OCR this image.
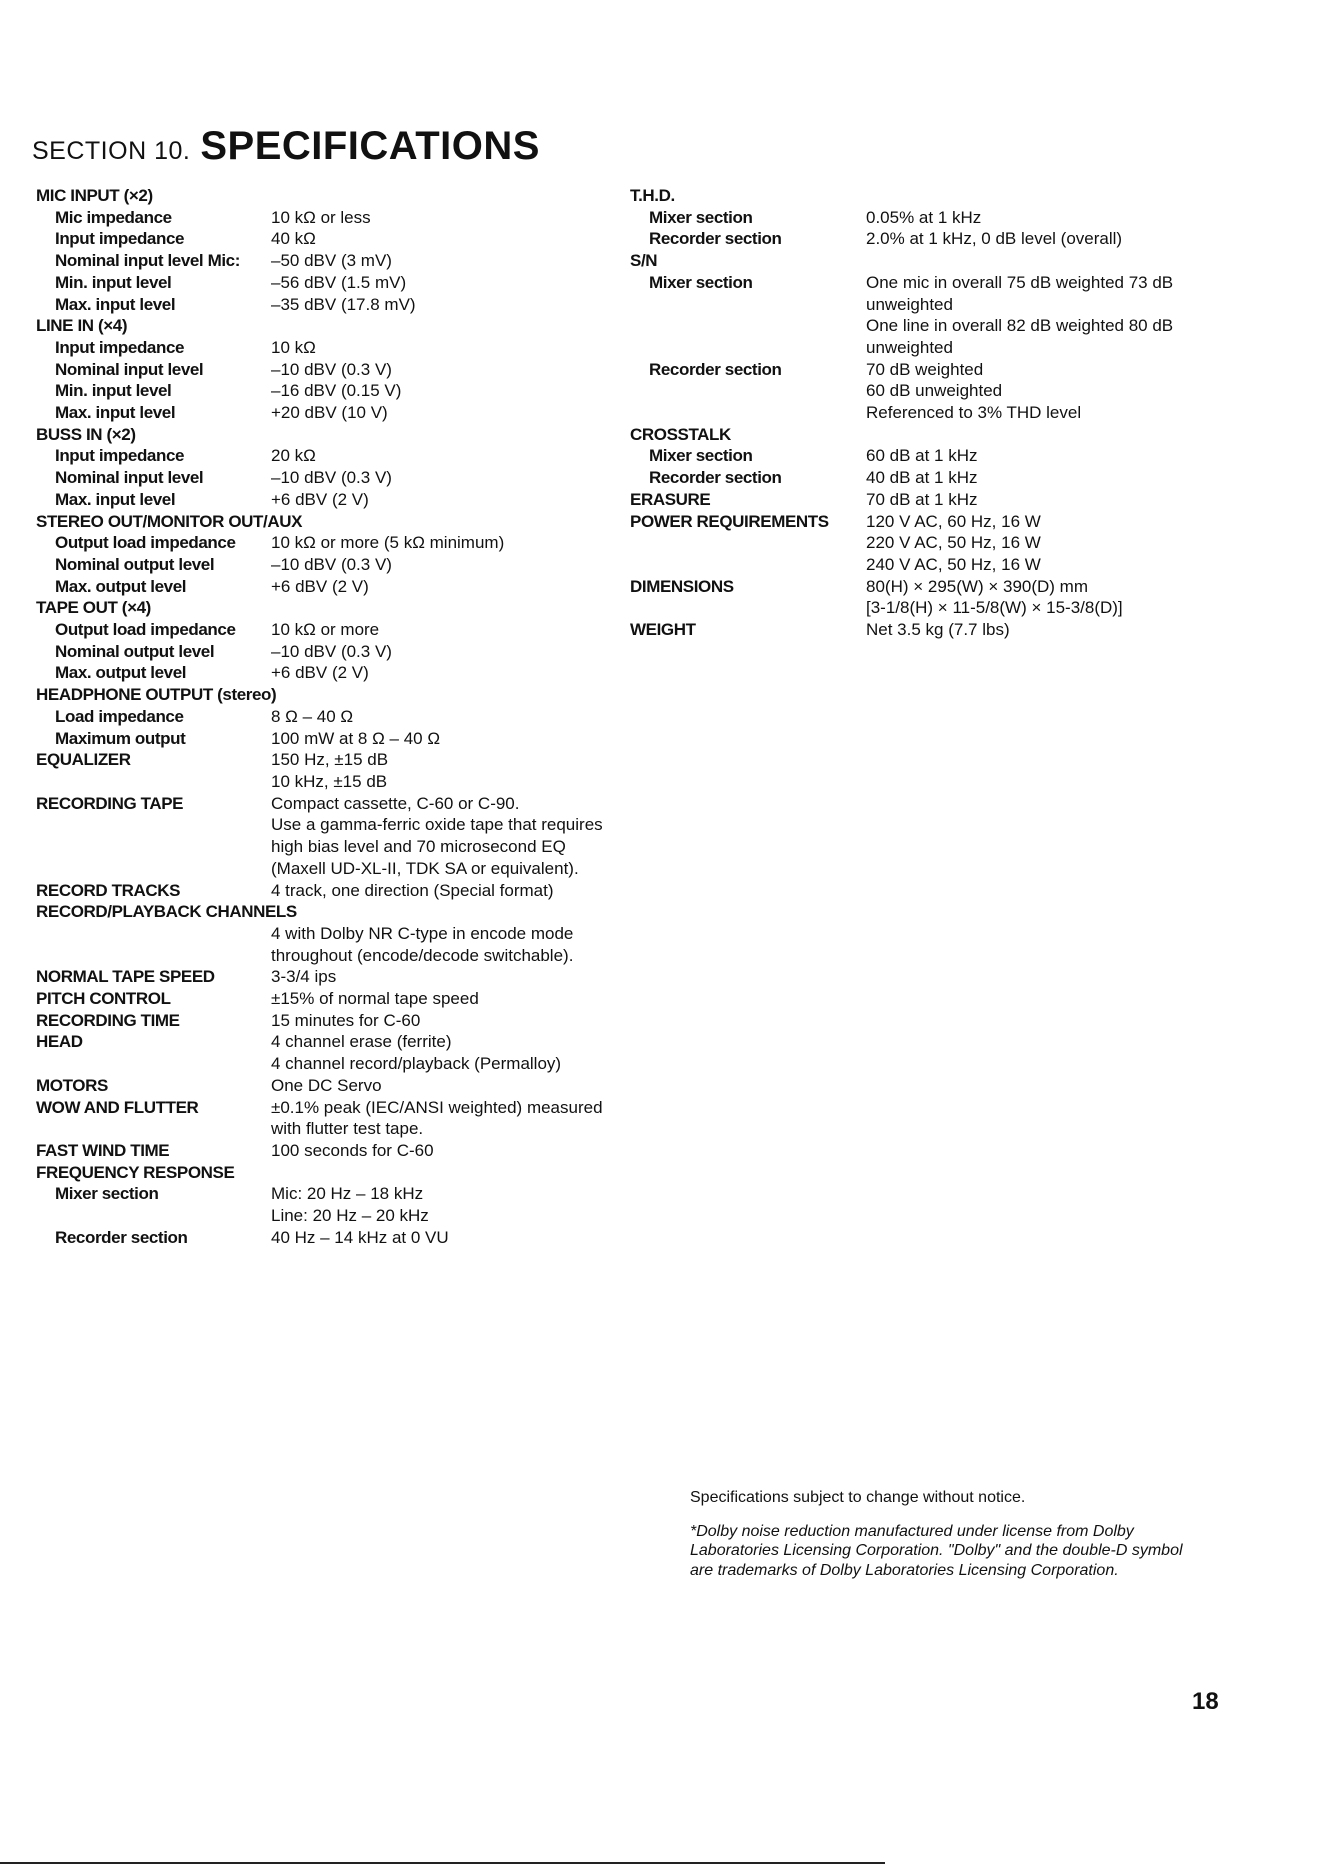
SECTION 10. SPECIFICATIONS
MIC INPUT (×2)
Mic impedance	10 kΩ or less
Input impedance	40 kΩ
Nominal input level Mic:	–50 dBV (3 mV)
Min. input level	–56 dBV (1.5 mV)
Max. input level	–35 dBV (17.8 mV)
LINE IN (×4)
Input impedance	10 kΩ
Nominal input level	–10 dBV (0.3 V)
Min. input level	–16 dBV (0.15 V)
Max. input level	+20 dBV (10 V)
BUSS IN (×2)
Input impedance	20 kΩ
Nominal input level	–10 dBV (0.3 V)
Max. input level	+6 dBV (2 V)
STEREO OUT/MONITOR OUT/AUX
Output load impedance	10 kΩ or more (5 kΩ minimum)
Nominal output level	–10 dBV (0.3 V)
Max. output level	+6 dBV (2 V)
TAPE OUT (×4)
Output load impedance	10 kΩ or more
Nominal output level	–10 dBV (0.3 V)
Max. output level	+6 dBV (2 V)
HEADPHONE OUTPUT (stereo)
Load impedance	8 Ω – 40 Ω
Maximum output	100 mW at 8 Ω – 40 Ω
EQUALIZER	150 Hz, ±15 dB
10 kHz, ±15 dB
RECORDING TAPE	Compact cassette, C-60 or C-90.
Use a gamma-ferric oxide tape that requires
high bias level and 70 microsecond EQ
(Maxell UD-XL-II, TDK SA or equivalent).
RECORD TRACKS	4 track, one direction (Special format)
RECORD/PLAYBACK CHANNELS
4 with Dolby NR C-type in encode mode
throughout (encode/decode switchable).
NORMAL TAPE SPEED	3-3/4 ips
PITCH CONTROL	±15% of normal tape speed
RECORDING TIME	15 minutes for C-60
HEAD	4 channel erase (ferrite)
4 channel record/playback (Permalloy)
MOTORS	One DC Servo
WOW AND FLUTTER	±0.1% peak (IEC/ANSI weighted) measured
with flutter test tape.
FAST WIND TIME	100 seconds for C-60
FREQUENCY RESPONSE
Mixer section	Mic: 20 Hz – 18 kHz
Line: 20 Hz – 20 kHz
Recorder section	40 Hz – 14 kHz at 0 VU
T.H.D.
Mixer section	0.05% at 1 kHz
Recorder section	2.0% at 1 kHz, 0 dB level (overall)
S/N
Mixer section	One mic in overall 75 dB weighted 73 dB
unweighted
One line in overall 82 dB weighted 80 dB
unweighted
Recorder section	70 dB weighted
60 dB unweighted
Referenced to 3% THD level
CROSSTALK
Mixer section	60 dB at 1 kHz
Recorder section	40 dB at 1 kHz
ERASURE	70 dB at 1 kHz
POWER REQUIREMENTS	120 V AC, 60 Hz, 16 W
220 V AC, 50 Hz, 16 W
240 V AC, 50 Hz, 16 W
DIMENSIONS	80(H) × 295(W) × 390(D) mm
[3-1/8(H) × 11-5/8(W) × 15-3/8(D)]
WEIGHT	Net 3.5 kg (7.7 lbs)
Specifications subject to change without notice.
*Dolby noise reduction manufactured under license from Dolby Laboratories Licensing Corporation. "Dolby" and the double-D symbol are trademarks of Dolby Laboratories Licensing Corporation.
18
